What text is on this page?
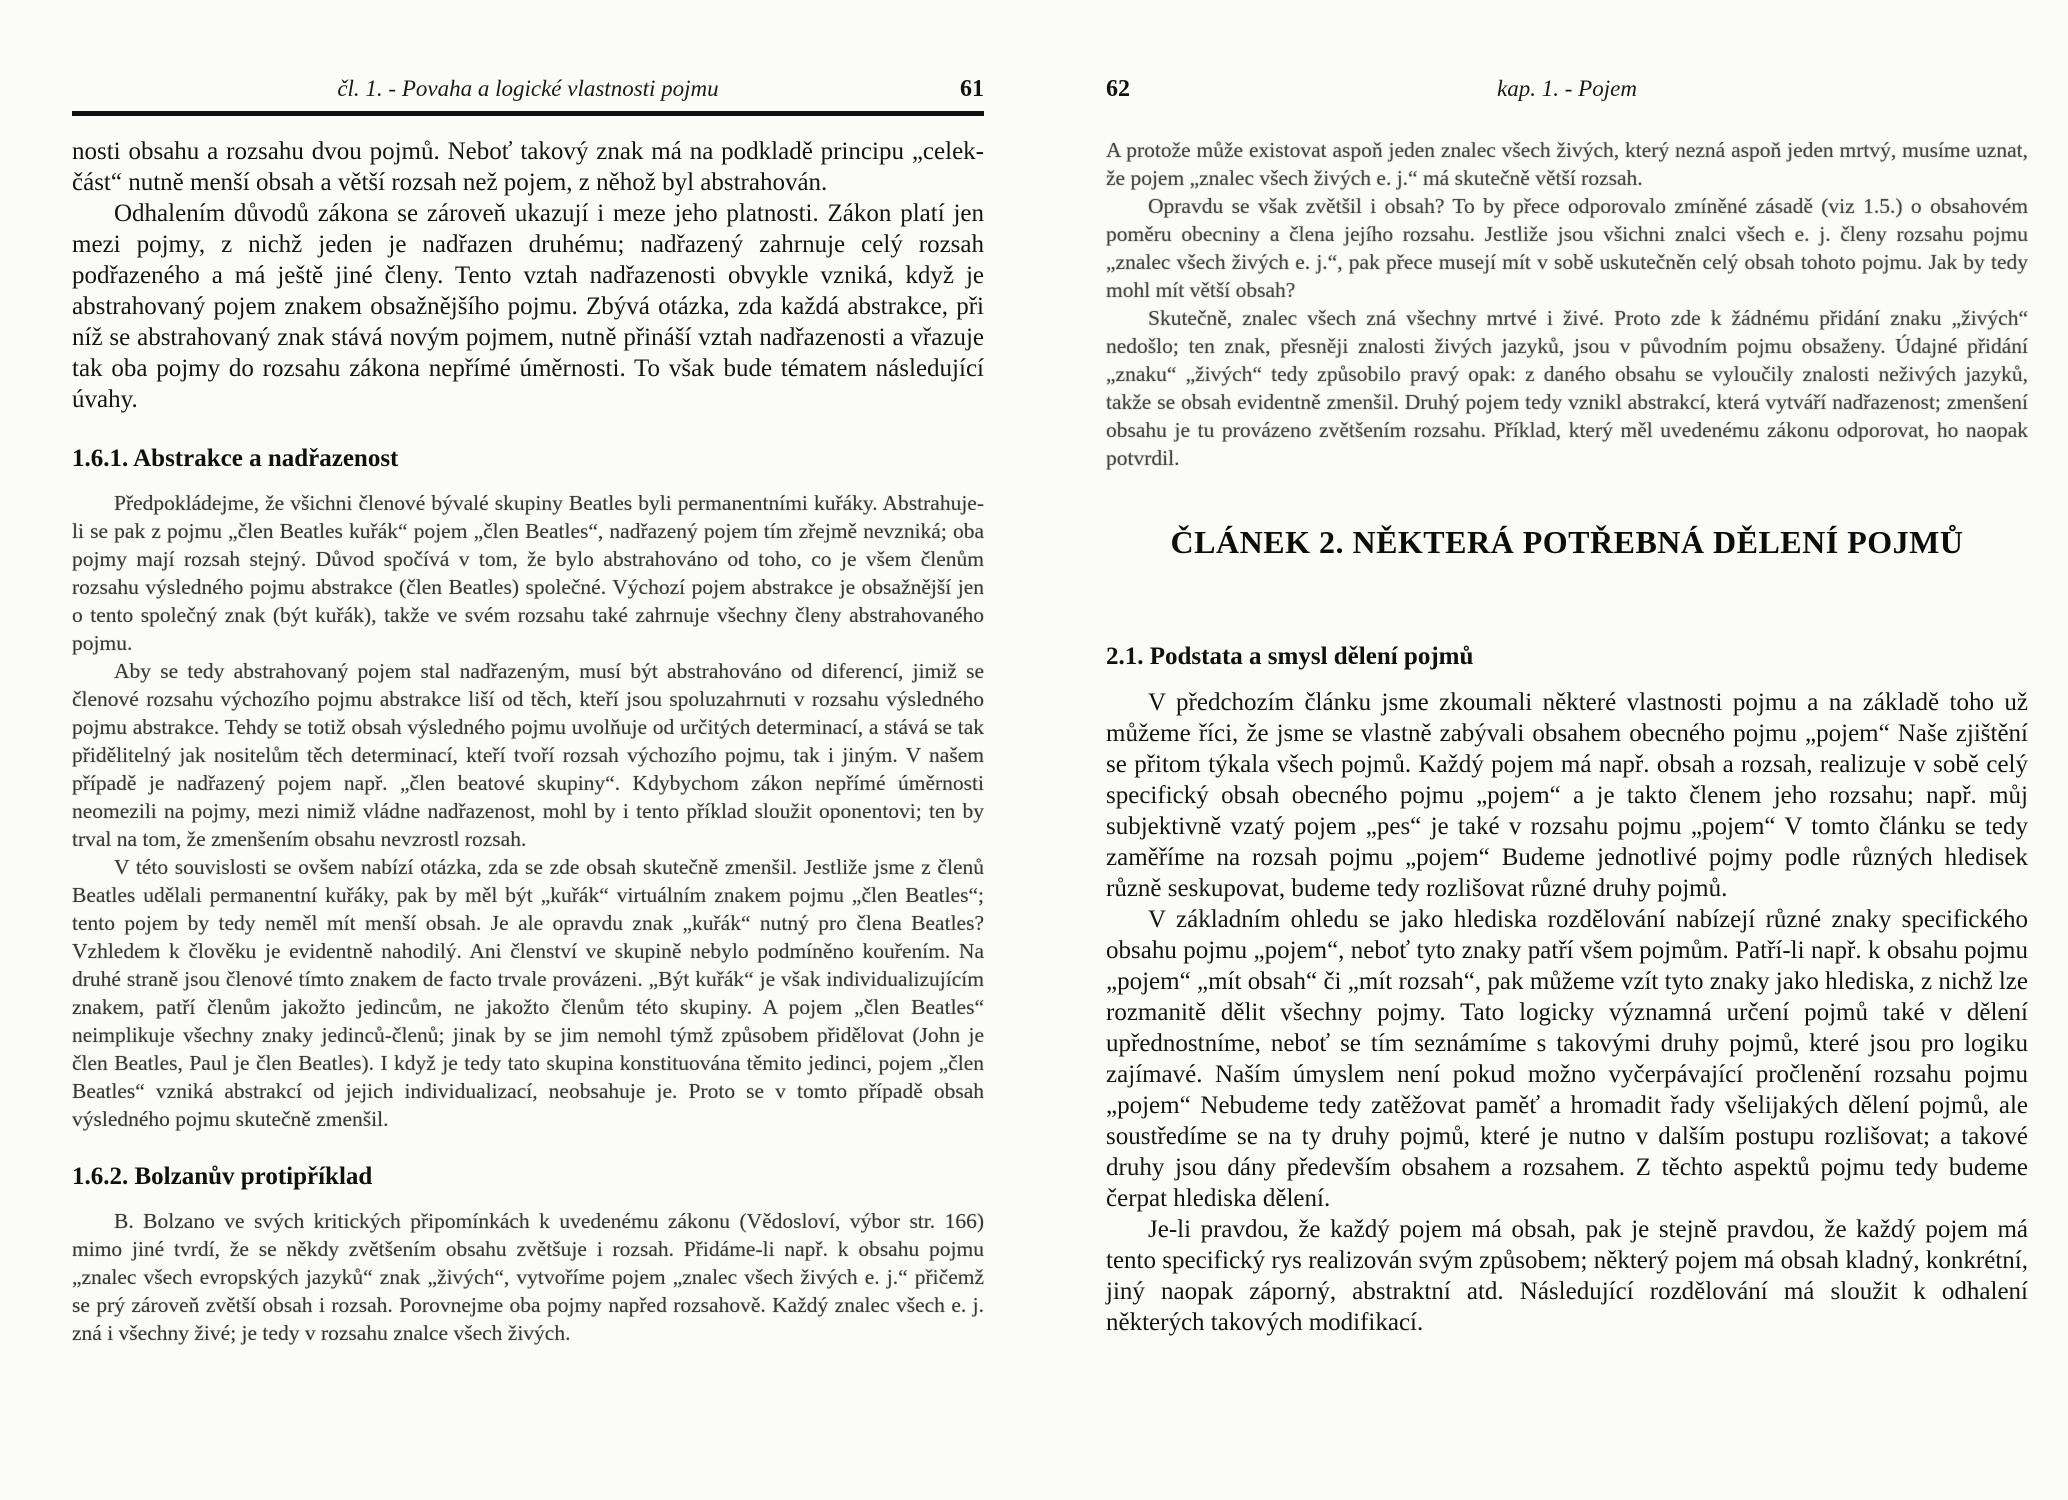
čl. 1. - Povaha a logické vlastnosti pojmu	61

nosti obsahu a rozsahu dvou pojmů. Neboť takový znak má na podkladě principu „celek-část“ nutně menší obsah a větší rozsah než pojem, z něhož byl abstrahován.

Odhalením důvodů zákona se zároveň ukazují i meze jeho platnosti. Zákon platí jen mezi pojmy, z nichž jeden je nadřazen druhému; nadřazený zahrnuje celý rozsah podřazeného a má ještě jiné členy. Tento vztah nadřazenosti obvykle vzniká, když je abstrahovaný pojem znakem obsažnějšího pojmu. Zbývá otázka, zda každá abstrakce, při níž se abstrahovaný znak stává novým pojmem, nutně přináší vztah nadřazenosti a vřazuje tak oba pojmy do rozsahu zákona nepřímé úměrnosti. To však bude tématem následující úvahy.

1.6.1. Abstrakce a nadřazenost

Předpokládejme, že všichni členové bývalé skupiny Beatles byli permanentními kuřáky. Abstrahuje-li se pak z pojmu „člen Beatles kuřák“ pojem „člen Beatles“, nadřazený pojem tím zřejmě nevzniká; oba pojmy mají rozsah stejný. Důvod spočívá v tom, že bylo abstrahováno od toho, co je všem členům rozsahu výsledného pojmu abstrakce (člen Beatles) společné. Výchozí pojem abstrakce je obsažnější jen o tento společný znak (být kuřák), takže ve svém rozsahu také zahrnuje všechny členy abstrahovaného pojmu.

Aby se tedy abstrahovaný pojem stal nadřazeným, musí být abstrahováno od diferencí, jimiž se členové rozsahu výchozího pojmu abstrakce liší od těch, kteří jsou spoluzahrnuti v rozsahu výsledného pojmu abstrakce. Tehdy se totiž obsah výsledného pojmu uvolňuje od určitých determinací, a stává se tak přidělitelný jak nositelům těch determinací, kteří tvoří rozsah výchozího pojmu, tak i jiným. V našem případě je nadřazený pojem např. „člen beatové skupiny“. Kdybychom zákon nepřímé úměrnosti neomezili na pojmy, mezi nimiž vládne nadřazenost, mohl by i tento příklad sloužit oponentovi; ten by trval na tom, že zmenšením obsahu nevzrostl rozsah.

V této souvislosti se ovšem nabízí otázka, zda se zde obsah skutečně zmenšil. Jestliže jsme z členů Beatles udělali permanentní kuřáky, pak by měl být „kuřák“ virtuálním znakem pojmu „člen Beatles“; tento pojem by tedy neměl mít menší obsah. Je ale opravdu znak „kuřák“ nutný pro člena Beatles? Vzhledem k člověku je evidentně nahodilý. Ani členství ve skupině nebylo podmíněno kouřením. Na druhé straně jsou členové tímto znakem de facto trvale provázeni. „Být kuřák“ je však individualizujícím znakem, patří členům jakožto jedincům, ne jakožto členům této skupiny. A pojem „člen Beatles“ neimplikuje všechny znaky jedinců-členů; jinak by se jim nemohl týmž způsobem přidělovat (John je člen Beatles, Paul je člen Beatles). I když je tedy tato skupina konstituována těmito jedinci, pojem „člen Beatles“ vzniká abstrakcí od jejich individualizací, neobsahuje je. Proto se v tomto případě obsah výsledného pojmu skutečně zmenšil.

1.6.2. Bolzanův protipříklad

B. Bolzano ve svých kritických připomínkách k uvedenému zákonu (Vědosloví, výbor str. 166) mimo jiné tvrdí, že se někdy zvětšením obsahu zvětšuje i rozsah. Přidáme-li např. k obsahu pojmu „znalec všech evropských jazyků“ znak „živých“, vytvoříme pojem „znalec všech živých e. j.“ přičemž se prý zároveň zvětší obsah i rozsah. Porovnejme oba pojmy napřed rozsahově. Každý znalec všech e. j. zná i všechny živé; je tedy v rozsahu znalce všech živých.

62	kap. 1. - Pojem

A protože může existovat aspoň jeden znalec všech živých, který nezná aspoň jeden mrtvý, musíme uznat, že pojem „znalec všech živých e. j.“ má skutečně větší rozsah.

Opravdu se však zvětšil i obsah? To by přece odporovalo zmíněné zásadě (viz 1.5.) o obsahovém poměru obecniny a člena jejího rozsahu. Jestliže jsou všichni znalci všech e. j. členy rozsahu pojmu „znalec všech živých e. j.“, pak přece musejí mít v sobě uskutečněn celý obsah tohoto pojmu. Jak by tedy mohl mít větší obsah?

Skutečně, znalec všech zná všechny mrtvé i živé. Proto zde k žádnému přidání znaku „živých“ nedošlo; ten znak, přesněji znalosti živých jazyků, jsou v původním pojmu obsaženy. Údajné přidání „znaku“ „živých“ tedy způsobilo pravý opak: z daného obsahu se vyloučily znalosti neživých jazyků, takže se obsah evidentně zmenšil. Druhý pojem tedy vznikl abstrakcí, která vytváří nadřazenost; zmenšení obsahu je tu provázeno zvětšením rozsahu. Příklad, který měl uvedenému zákonu odporovat, ho naopak potvrdil.

ČLÁNEK 2. NĚKTERÁ POTŘEBNÁ DĚLENÍ POJMŮ
2.1. Podstata a smysl dělení pojmů

V předchozím článku jsme zkoumali některé vlastnosti pojmu a na základě toho už můžeme říci, že jsme se vlastně zabývali obsahem obecného pojmu „pojem“ Naše zjištění se přitom týkala všech pojmů. Každý pojem má např. obsah a rozsah, realizuje v sobě celý specifický obsah obecného pojmu „pojem“ a je takto členem jeho rozsahu; např. můj subjektivně vzatý pojem „pes“ je také v rozsahu pojmu „pojem“ V tomto článku se tedy zaměříme na rozsah pojmu „pojem“ Budeme jednotlivé pojmy podle různých hledisek různě seskupovat, budeme tedy rozlišovat různé druhy pojmů.

V základním ohledu se jako hlediska rozdělování nabízejí různé znaky specifického obsahu pojmu „pojem“, neboť tyto znaky patří všem pojmům. Patří-li např. k obsahu pojmu „pojem“ „mít obsah“ či „mít rozsah“, pak můžeme vzít tyto znaky jako hlediska, z nichž lze rozmanitě dělit všechny pojmy. Tato logicky významná určení pojmů také v dělení upřednostníme, neboť se tím seznámíme s takovými druhy pojmů, které jsou pro logiku zajímavé. Naším úmyslem není pokud možno vyčerpávající pročlenění rozsahu pojmu „pojem“ Nebudeme tedy zatěžovat paměť a hromadit řady všelijakých dělení pojmů, ale soustředíme se na ty druhy pojmů, které je nutno v dalším postupu rozlišovat; a takové druhy jsou dány především obsahem a rozsahem. Z těchto aspektů pojmu tedy budeme čerpat hlediska dělení.

Je-li pravdou, že každý pojem má obsah, pak je stejně pravdou, že každý pojem má tento specifický rys realizován svým způsobem; některý pojem má obsah kladný, konkrétní, jiný naopak záporný, abstraktní atd. Následující rozdělování má sloužit k odhalení některých takových modifikací.
